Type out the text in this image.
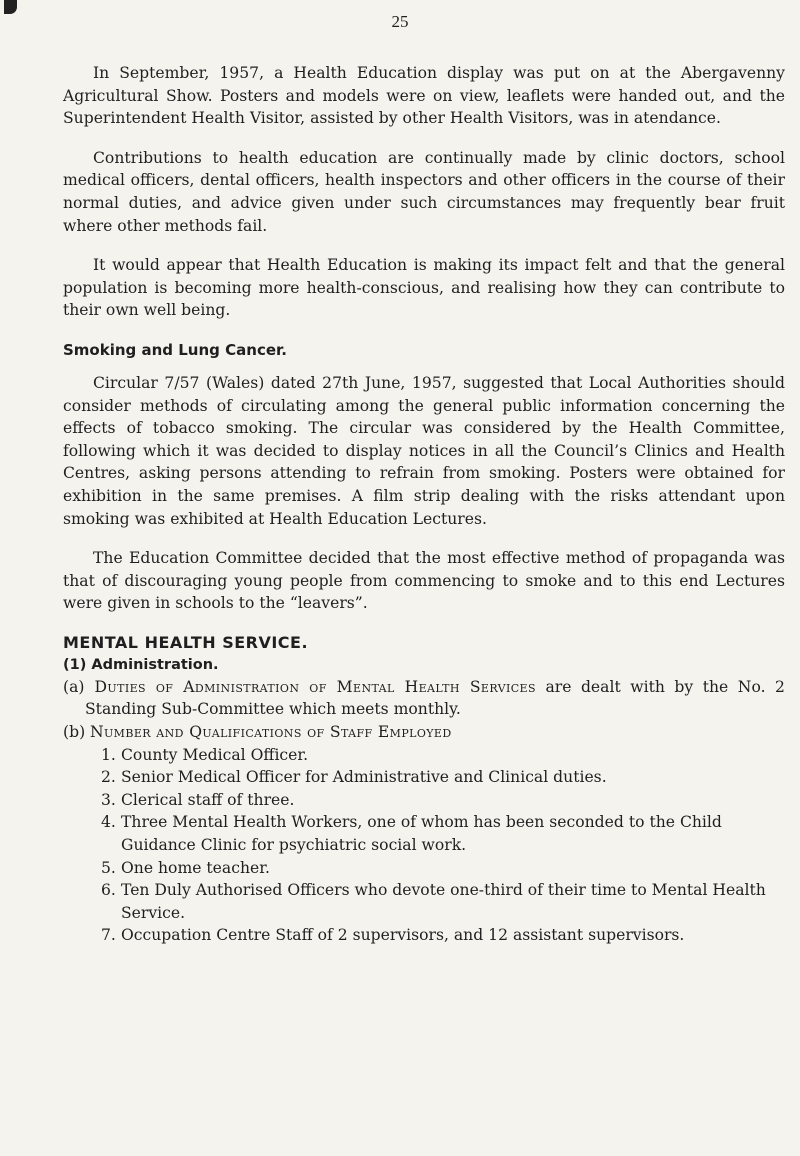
25

In September, 1957, a Health Education display was put on at the Abergavenny Agricultural Show. Posters and models were on view, leaflets were handed out, and the Superintendent Health Visitor, assisted by other Health Visitors, was in atendance.

Contributions to health education are continually made by clinic doctors, school medical officers, dental officers, health inspectors and other officers in the course of their normal duties, and advice given under such circumstances may frequently bear fruit where other methods fail.

It would appear that Health Education is making its impact felt and that the general population is becoming more health-conscious, and realising how they can contribute to their own well being.

Smoking and Lung Cancer.

Circular 7/57 (Wales) dated 27th June, 1957, suggested that Local Authorities should consider methods of circulating among the general public information concerning the effects of tobacco smoking. The circular was considered by the Health Committee, following which it was decided to display notices in all the Council’s Clinics and Health Centres, asking persons attending to refrain from smoking. Posters were obtained for exhibition in the same premises. A film strip dealing with the risks attendant upon smoking was exhibited at Health Education Lectures.

The Education Committee decided that the most effective method of propaganda was that of discouraging young people from commencing to smoke and to this end Lectures were given in schools to the “leavers”.

MENTAL HEALTH SERVICE.
(1) Administration.

(a) Duties of Administration of Mental Health Services are dealt with by the No. 2 Standing Sub-Committee which meets monthly.

(b) Number and Qualifications of Staff Employed

1. County Medical Officer.
2. Senior Medical Officer for Administrative and Clinical duties.
3. Clerical staff of three.
4. Three Mental Health Workers, one of whom has been seconded to the Child Guidance Clinic for psychiatric social work.
5. One home teacher.
6. Ten Duly Authorised Officers who devote one-third of their time to Mental Health Service.
7. Occupation Centre Staff of 2 supervisors, and 12 assistant supervisors.
